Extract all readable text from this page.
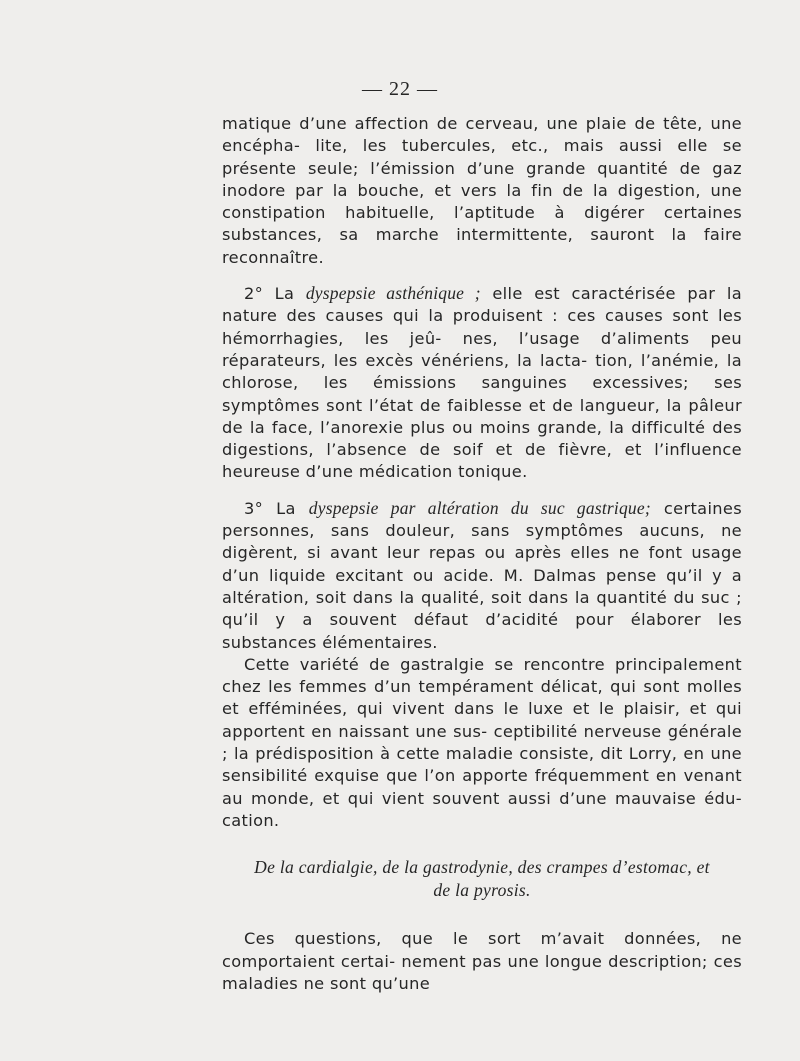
— 22 —

matique d’une affection de cerveau, une plaie de tête, une encépha- lite, les tubercules, etc., mais aussi elle se présente seule; l’émission d’une grande quantité de gaz inodore par la bouche, et vers la fin de la digestion, une constipation habituelle, l’aptitude à digérer certaines substances, sa marche intermittente, sauront la faire reconnaître.

2° La dyspepsie asthénique ; elle est caractérisée par la nature des causes qui la produisent : ces causes sont les hémorrhagies, les jeû- nes, l’usage d’aliments peu réparateurs, les excès vénériens, la lacta- tion, l’anémie, la chlorose, les émissions sanguines excessives; ses symptômes sont l’état de faiblesse et de langueur, la pâleur de la face, l’anorexie plus ou moins grande, la difficulté des digestions, l’absence de soif et de fièvre, et l’influence heureuse d’une médication tonique.

3° La dyspepsie par altération du suc gastrique; certaines personnes, sans douleur, sans symptômes aucuns, ne digèrent, si avant leur repas ou après elles ne font usage d’un liquide excitant ou acide. M. Dalmas pense qu’il y a altération, soit dans la qualité, soit dans la quantité du suc ; qu’il y a souvent défaut d’acidité pour élaborer les substances élémentaires.

Cette variété de gastralgie se rencontre principalement chez les femmes d’un tempérament délicat, qui sont molles et efféminées, qui vivent dans le luxe et le plaisir, et qui apportent en naissant une sus- ceptibilité nerveuse générale ; la prédisposition à cette maladie consiste, dit Lorry, en une sensibilité exquise que l’on apporte fréquemment en venant au monde, et qui vient souvent aussi d’une mauvaise édu- cation.

De la cardialgie, de la gastrodynie, des crampes d’estomac, et
de la pyrosis.

Ces questions, que le sort m’avait données, ne comportaient certai- nement pas une longue description; ces maladies ne sont qu’une
